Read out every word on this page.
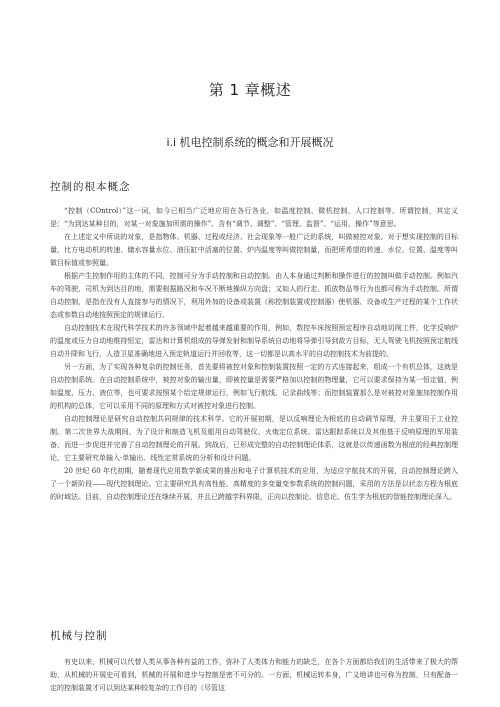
第 1 章概述
i.i 机电控制系统的概念和开展概况
控制的根本概念

“控制（COntrol）”这一词，如今已相当广泛地应用在各行各业，如温度控制、微机控制、人口控制等。所谓控制，其定义是：“为到达某种目的，对某一对象施加所需的操作”。含有“调节、调整”、“管理、监督”、“运用、操作”等意思。

在上述定义中所说的对象，是指物体、机器、过程或经济、社会现象等一般广泛的系统，叫做被控对象。对于想实现控制的目标量，比方电动机的转速、储水容量水位、油压缸中活塞的位置、炉内温度等叫做控制量，而把所希望的转速、水位、位置、温度等叫做目标值或参照量。

根据产生控制作用的主体的不同，控制可分为手动控制和自动控制。由人本身通过判断和操作进行的控制叫做手动控制。例如汽车的驾驶，司机为到达目的地，需要根据路况和车况不断地操纵方向盘；又如人的行走、抓放物品等行为也都可称为手动控制。所谓自动控制，是指在没有人直接参与的情况下，利用外加的设备或装置（称控制装置或控制器）使机器、设备或生产过程的某个工作状态或参数自动地按照预定的规律运行。

自动控制技术在现代科学技术的许多领域中起着越来越重要的作用，例如，数控车床按照预定程序自动地切削工件，化学反响炉的温度或压力自动地维持恒定，雷达和计算机组成的导弹发射和制导系统自动地将导弹引导到敌方目标，无人驾驶飞机按照预定航线自动升降和飞行，人造卫星准确地进入预定轨道运行并回收等，这一切都是以高水平的自动控制技术为前提的。

另一方面，为了实现各种复杂的控制任务，首先要将被控对象和控制装置按照一定的方式连接起来，组成一个有机总体，这就是自动控制系统。在自动控制系统中，被控对象的输出量，即被控量是需要严格加以控制的物理量，它可以要求保持为某一恒定值，例如温度、压力、液位等，也可要求按照某个给定规律运行，例如飞行航线、记录曲线等；而控制装置那么是对被控对象施加控制作用的机构的总体，它可以采用不同的原理和方式对被控对象进行控制。

自动控制理论是研究自动控制共同规律的技术科学。它的开展初期，是以反响理论为根底的自动调节原理，并主要用于工业控制。第二次世界大战期间，为了设计和制造飞机及船用自动驾驶仪、火炮定位系统、雷达跟踪系统以及其他基于反响原理的军用装备，而进一步促进并完善了自动控制理论的开展。到战后，已形成完整的自动控制理论体系，这就是以传递函数为根底的经典控制理论，它主要研究单输入-单输出、线性定常系统的分析和设计问题。

20 世纪 60 年代初期，随着现代应用数学新成果的推出和电子计算机技术的应用，为适应宇航技术的开展，自动控制理论跨入了一个新阶段——现代控制理论。它主要研究具有高性能、高精度的多变量变参数系统的控制问题，采用的方法是以状态方程为根底的时域法。目前，自动控制理论还在继续开展，并且已跨越学科界限，正向以控制论、信息论、仿生学为根底的智能控制理论深入。

机械与控制

有史以来，机械可以代替人类从事各种有益的工作，弥补了人类体力和能力的缺乏，在各个方面都给我们的生活带来了极大的帮助，从机械的开展史可看到，机械的开展和进步与控制是密不可分的。一方面，机械运转本身，广义地讲也可称为控制，只有配备一定的控制装置才可以到达某种较复杂的工作目的（尽管这
